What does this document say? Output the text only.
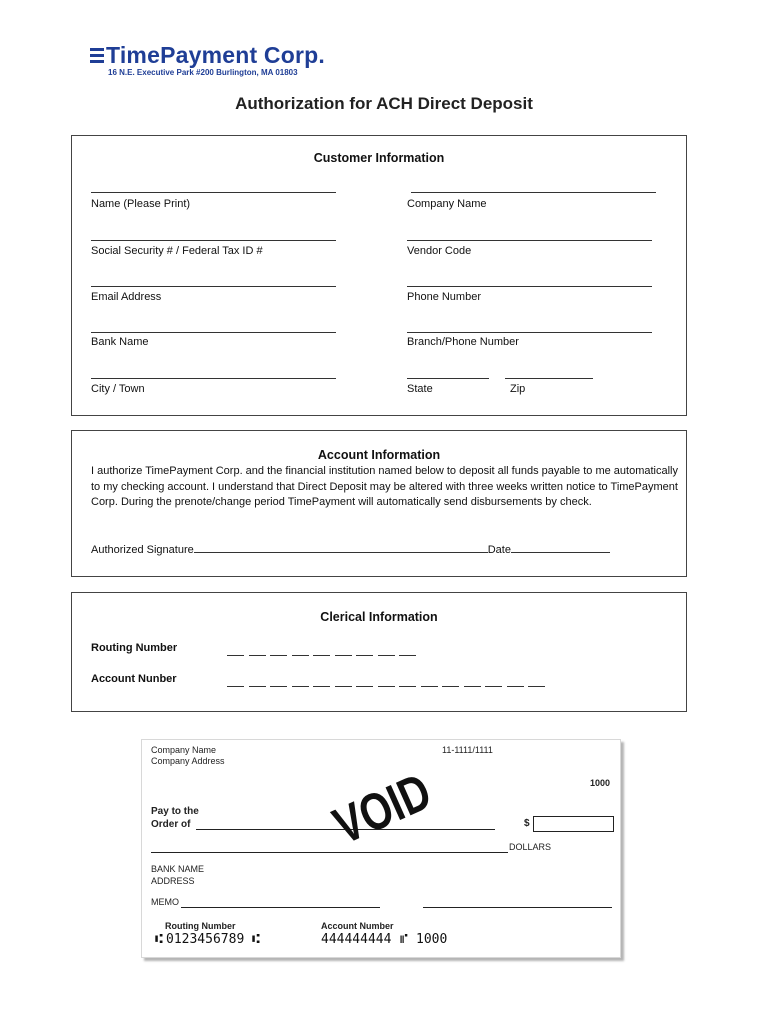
TimePayment Corp.
16 N.E. Executive Park #200 Burlington, MA 01803
Authorization for ACH Direct Deposit
Customer Information
Name (Please Print)	Company Name
Social Security # / Federal Tax ID #	Vendor Code
Email Address	Phone Number
Bank Name	Branch/Phone Number
City / Town	State	Zip
Account Information
I authorize TimePayment Corp. and the financial institution named below to deposit all funds payable to me automatically to my checking account. I understand that Direct Deposit may be altered with three weeks written notice to TimePayment Corp. During the prenote/change period TimePayment will automatically send disbursements by check.
Authorized Signature	Date
Clerical Information
Routing Number
Account Nunber
Company Name
Company Address
11-1111/1111
1000
Pay to the
Order of	$
DOLLARS
BANK NAME
ADDRESS
MEMO
Routing Number	Account Number
⑆ 0123456789 ⑆	444444444 ⑈ 1000
VOID
